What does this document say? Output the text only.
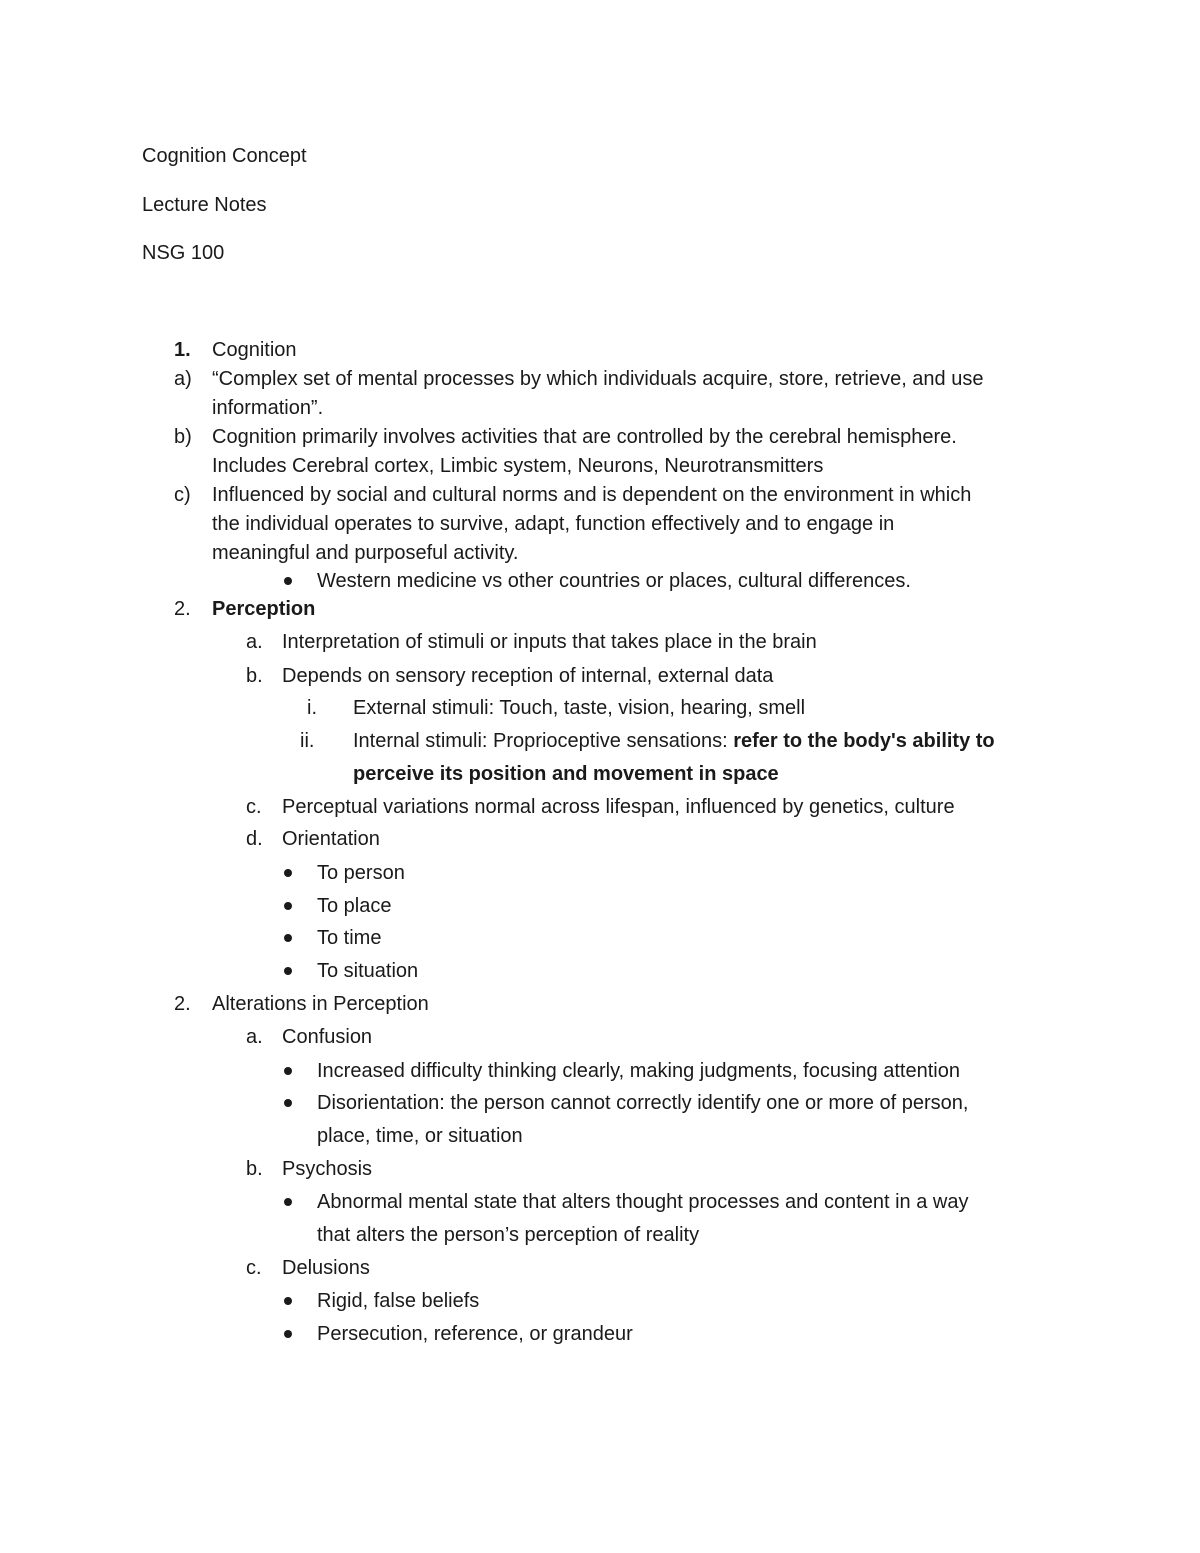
Cognition Concept
Lecture Notes
NSG 100
1. Cognition
a) “Complex set of mental processes by which individuals acquire, store, retrieve, and use
information”.
b) Cognition primarily involves activities that are controlled by the cerebral hemisphere.
Includes Cerebral cortex, Limbic system, Neurons, Neurotransmitters
c) Influenced by social and cultural norms and is dependent on the environment in which
the individual operates to survive, adapt, function effectively and to engage in
meaningful and purposeful activity.
Western medicine vs other countries or places, cultural differences.
2. Perception
a. Interpretation of stimuli or inputs that takes place in the brain
b. Depends on sensory reception of internal, external data
i. External stimuli: Touch, taste, vision, hearing, smell
ii. Internal stimuli: Proprioceptive sensations: refer to the body's ability to
perceive its position and movement in space
c. Perceptual variations normal across lifespan, influenced by genetics, culture
d. Orientation
To person
To place
To time
To situation
2. Alterations in Perception
a. Confusion
Increased difficulty thinking clearly, making judgments, focusing attention
Disorientation: the person cannot correctly identify one or more of person,
place, time, or situation
b. Psychosis
Abnormal mental state that alters thought processes and content in a way
that alters the person’s perception of reality
c. Delusions
Rigid, false beliefs
Persecution, reference, or grandeur
